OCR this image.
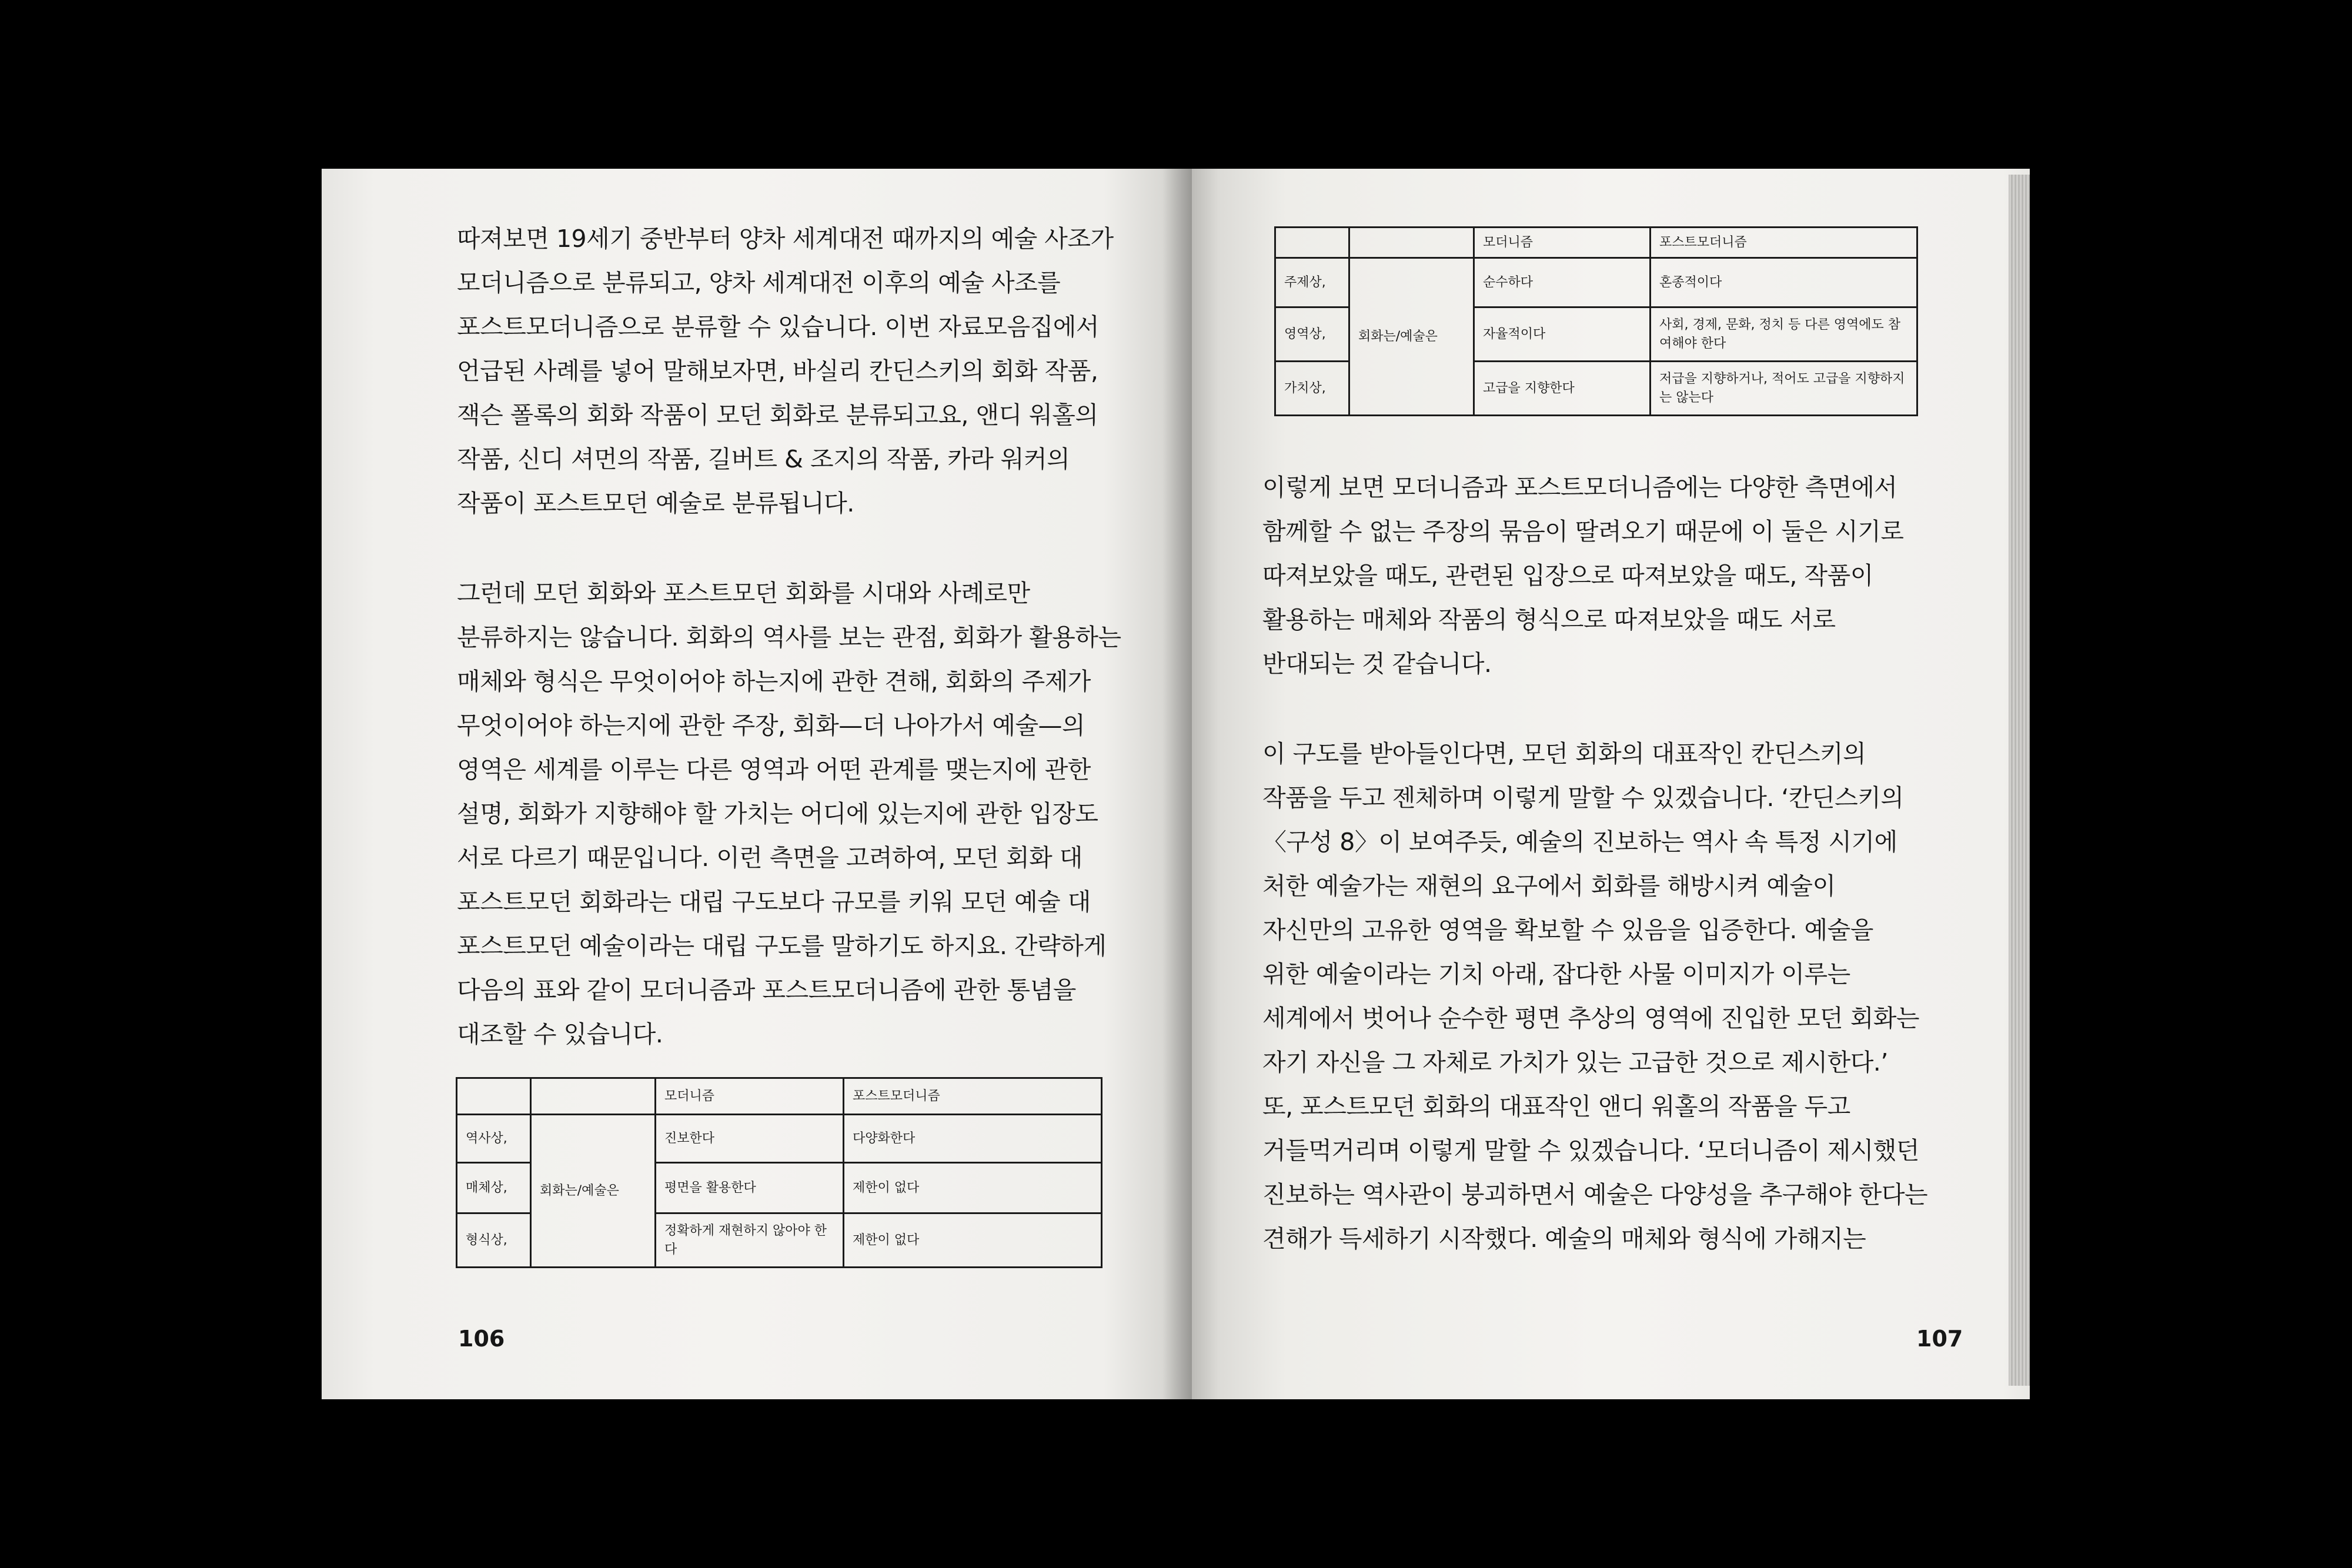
따져보면 19세기 중반부터 양차 세계대전 때까지의 예술 사조가

모더니즘으로 분류되고, 양차 세계대전 이후의 예술 사조를

포스트모더니즘으로 분류할 수 있습니다. 이번 자료모음집에서

언급된 사례를 넣어 말해보자면, 바실리 칸딘스키의 회화 작품,

잭슨 폴록의 회화 작품이 모던 회화로 분류되고요, 앤디 워홀의

작품, 신디 셔먼의 작품, 길버트 & 조지의 작품, 카라 워커의

작품이 포스트모던 예술로 분류됩니다.

그런데 모던 회화와 포스트모던 회화를 시대와 사례로만

분류하지는 않습니다. 회화의 역사를 보는 관점, 회화가 활용하는

매체와 형식은 무엇이어야 하는지에 관한 견해, 회화의 주제가

무엇이어야 하는지에 관한 주장, 회화—더 나아가서 예술—의

영역은 세계를 이루는 다른 영역과 어떤 관계를 맺는지에 관한

설명, 회화가 지향해야 할 가치는 어디에 있는지에 관한 입장도

서로 다르기 때문입니다. 이런 측면을 고려하여, 모던 회화 대

포스트모던 회화라는 대립 구도보다 규모를 키워 모던 예술 대

포스트모던 예술이라는 대립 구도를 말하기도 하지요. 간략하게

다음의 표와 같이 모더니즘과 포스트모더니즘에 관한 통념을

대조할 수 있습니다.

		모더니즘	포스트모더니즘
역사상,	회화는/예술은	진보한다	다양화한다
매체상,		평면을 활용한다	제한이 없다
형식상,		정확하게 재현하지 않아야 한다	제한이 없다
106
		모더니즘	포스트모더니즘
주제상,	회화는/예술은	순수하다	혼종적이다
영역상,		자율적이다	사회, 경제, 문화, 정치 등 다른 영역에도 참여해야 한다
가치상,		고급을 지향한다	저급을 지향하거나, 적어도 고급을 지향하지는 않는다

이렇게 보면 모더니즘과 포스트모더니즘에는 다양한 측면에서

함께할 수 없는 주장의 묶음이 딸려오기 때문에 이 둘은 시기로

따져보았을 때도, 관련된 입장으로 따져보았을 때도, 작품이

활용하는 매체와 작품의 형식으로 따져보았을 때도 서로

반대되는 것 같습니다.

이 구도를 받아들인다면, 모던 회화의 대표작인 칸딘스키의

작품을 두고 젠체하며 이렇게 말할 수 있겠습니다. ‘칸딘스키의

〈구성 8〉이 보여주듯, 예술의 진보하는 역사 속 특정 시기에

처한 예술가는 재현의 요구에서 회화를 해방시켜 예술이

자신만의 고유한 영역을 확보할 수 있음을 입증한다. 예술을

위한 예술이라는 기치 아래, 잡다한 사물 이미지가 이루는

세계에서 벗어나 순수한 평면 추상의 영역에 진입한 모던 회화는

자기 자신을 그 자체로 가치가 있는 고급한 것으로 제시한다.’

또, 포스트모던 회화의 대표작인 앤디 워홀의 작품을 두고

거들먹거리며 이렇게 말할 수 있겠습니다. ‘모더니즘이 제시했던

진보하는 역사관이 붕괴하면서 예술은 다양성을 추구해야 한다는

견해가 득세하기 시작했다. 예술의 매체와 형식에 가해지는

107
